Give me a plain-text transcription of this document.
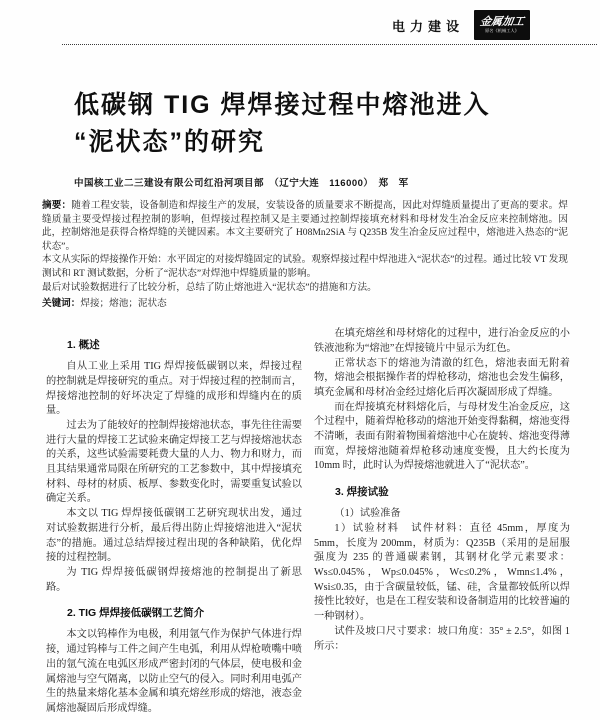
电力建设 金属加工
原名《机械工人》
低碳钢 TIG 焊焊接过程中熔池进入
“泥状态”的研究
中国核工业二三建设有限公司红沿河项目部　（辽宁大连　116000）　郑　军

摘要：随着工程安装，设备制造和焊接生产的发展，安装设备的质量要求不断提高，因此对焊缝质量提出了更高的要求。焊缝质量主要受焊接过程控制的影响，但焊接过程控制又是主要通过控制焊接填充材料和母材发生冶金反应来控制熔池。因此，控制熔池是获得合格焊缝的关键因素。本文主要研究了 H08Mn2SiA 与 Q235B 发生冶金反应过程中，熔池进入热态的“泥状态”。

本文从实际的焊接操作开始：水平固定的对接焊缝固定的试验。观察焊接过程中焊池进入“泥状态”的过程。通过比较 VT 发现测试和 RT 测试数据，分析了“泥状态”对焊池中焊缝质量的影响。

最后对试验数据进行了比较分析，总结了防止熔池进入“泥状态”的措施和方法。

关键词：焊接；熔池；泥状态
1. 概述

自从工业上采用 TIG 焊焊接低碳钢以来，焊接过程的控制就是焊接研究的重点。对于焊接过程的控制而言，焊接熔池控制的好坏决定了焊缝的成形和焊缝内在的质量。

过去为了能较好的控制焊接熔池状态，事先往往需要进行大量的焊接工艺试验来确定焊接工艺与焊接熔池状态的关系，这些试验需要耗费大量的人力、物力和财力，而且其结果通常局限在所研究的工艺参数中，其中焊接填充材料、母材的材质、板厚、参数变化时，需要重复试验以确定关系。

本文以 TIG 焊焊接低碳钢工艺研究现状出发，通过对试验数据进行分析，最后得出防止焊接熔池进入“泥状态”的措施。通过总结焊接过程出现的各种缺陷，优化焊接的过程控制。

为 TIG 焊焊接低碳钢焊接熔池的控制提出了新思路。

2. TIG 焊焊接低碳钢工艺简介

本文以钨棒作为电极，利用氩气作为保护气体进行焊接，通过钨棒与工件之间产生电弧，利用从焊枪喷嘴中喷出的氩气流在电弧区形成严密封闭的气体层，使电极和金属熔池与空气隔离，以防止空气的侵入。同时利用电弧产生的热量来熔化基本金属和填充熔丝形成的熔池，液态金属熔池凝固后形成焊缝。

在填充熔丝和母材熔化的过程中，进行冶金反应的小铁液池称为“熔池”在焊接镜片中显示为红色。

正常状态下的熔池为清澈的红色，熔池表面无附着物，熔池会根据操作者的焊枪移动，熔池也会发生偏移，填充金属和母材冶金经过熔化后再次凝固形成了焊缝。

而在焊接填充材料熔化后，与母材发生冶金反应，这个过程中，随着焊枪移动的熔池开始变得黏稠，熔池变得不清晰，表面有附着物围着熔池中心在旋转、熔池变得薄而宽，焊接熔池随着焊枪移动速度变慢，且大约长度为 10mm 时，此时认为焊接熔池就进入了“泥状态”。

3. 焊接试验

（1）试验准备

1）试验材料　试件材料：直径 45mm，厚度为 5mm，长度为 200mm，材质为：Q235B（采用的是屈服强度为 235 的普通碳素钢，其钢材化学元素要求：Ws≤0.045%，Wp≤0.045%，Wc≤0.2%，Wmn≤1.4%，Wsi≤0.35，由于含碳量较低，锰、硅，含量都较低所以焊接性比较好，也是在工程安装和设备制造用的比较普遍的一种钢材）。

试件及坡口尺寸要求：坡口角度：35° ± 2.5°，如图 1 所示：
